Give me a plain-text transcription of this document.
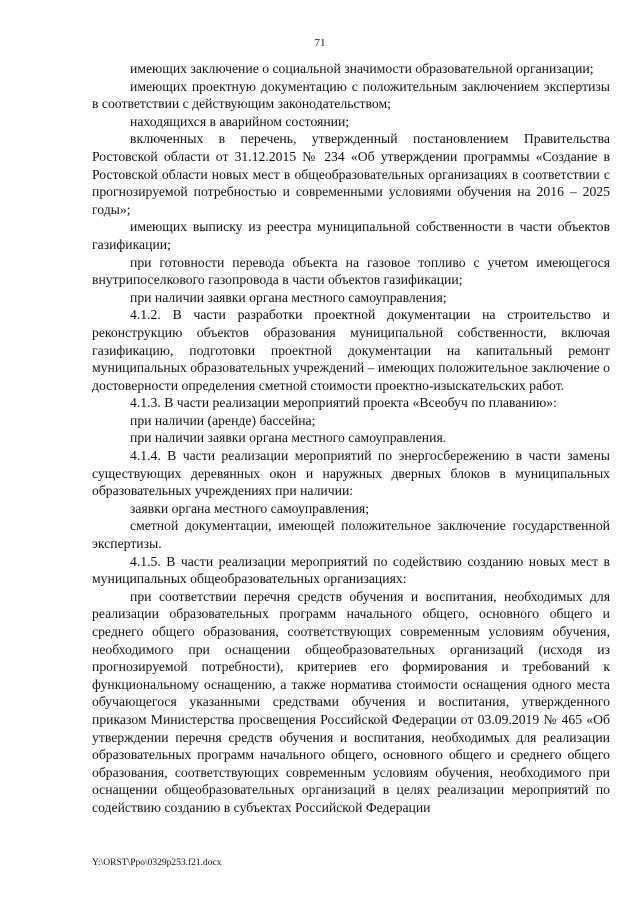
71

имеющих заключение о социальной значимости образовательной организации;

имеющих проектную документацию с положительным заключением экспертизы в соответствии с действующим законодательством;

находящихся в аварийном состоянии;

включенных в перечень, утвержденный постановлением Правительства Ростовской области от 31.12.2015 № 234 «Об утверждении программы «Создание в Ростовской области новых мест в общеобразовательных организациях в соответствии с прогнозируемой потребностью и современными условиями обучения на 2016 – 2025 годы»;

имеющих выписку из реестра муниципальной собственности в части объектов газификации;

при готовности перевода объекта на газовое топливо с учетом имеющегося внутрипоселкового газопровода в части объектов газификации;

при наличии заявки органа местного самоуправления;

4.1.2. В части разработки проектной документации на строительство и реконструкцию объектов образования муниципальной собственности, включая газификацию, подготовки проектной документации на капитальный ремонт муниципальных образовательных учреждений – имеющих положительное заключение о достоверности определения сметной стоимости проектно-изыскательских работ.

4.1.3. В части реализации мероприятий проекта «Всеобуч по плаванию»:

при наличии (аренде) бассейна;

при наличии заявки органа местного самоуправления.

4.1.4. В части реализации мероприятий по энергосбережению в части замены существующих деревянных окон и наружных дверных блоков в муниципальных образовательных учреждениях при наличии:

заявки органа местного самоуправления;

сметной документации, имеющей положительное заключение государственной экспертизы.

4.1.5. В части реализации мероприятий по содействию созданию новых мест в муниципальных общеобразовательных организациях:

при соответствии перечня средств обучения и воспитания, необходимых для реализации образовательных программ начального общего, основного общего и среднего общего образования, соответствующих современным условиям обучения, необходимого при оснащении общеобразовательных организаций (исходя из прогнозируемой потребности), критериев его формирования и требований к функциональному оснащению, а также норматива стоимости оснащения одного места обучающегося указанными средствами обучения и воспитания, утвержденного приказом Министерства просвещения Российской Федерации от 03.09.2019 № 465 «Об утверждении перечня средств обучения и воспитания, необходимых для реализации образовательных программ начального общего, основного общего и среднего общего образования, соответствующих современным условиям обучения, необходимого при оснащении общеобразовательных организаций в целях реализации мероприятий по содействию созданию в субъектах Российской Федерации

Y:\ORST\Ppo\0329p253.f21.docx
